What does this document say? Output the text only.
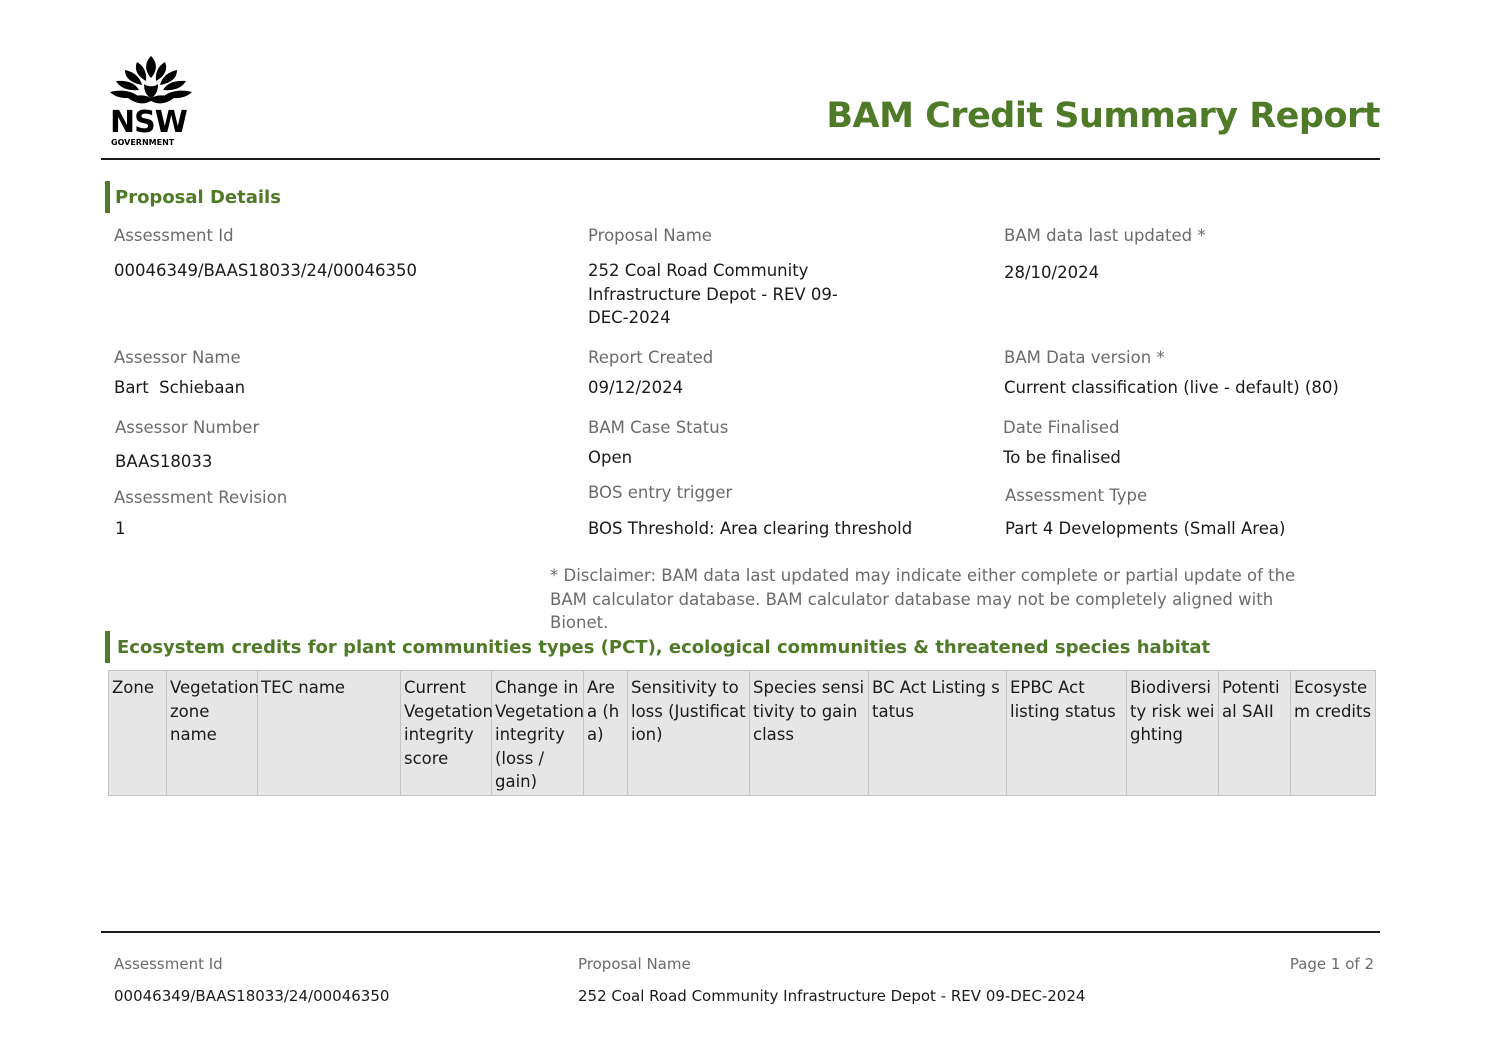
NSW
GOVERNMENT
BAM Credit Summary Report
Proposal Details
Assessment Id
00046349/BAAS18033/24/00046350
Assessor Name
Bart  Schiebaan
Assessor Number
BAAS18033
Assessment Revision
1
Proposal Name
252 Coal Road Community
Infrastructure Depot - REV 09-
DEC-2024
Report Created
09/12/2024
BAM Case Status
Open
BOS entry trigger
BOS Threshold: Area clearing threshold
BAM data last updated *
28/10/2024
BAM Data version *
Current classification (live - default) (80)
Date Finalised
To be finalised
Assessment Type
Part 4 Developments (Small Area)
* Disclaimer: BAM data last updated may indicate either complete or partial update of the BAM calculator database. BAM calculator database may not be completely aligned with Bionet.
Ecosystem credits for plant communities types (PCT), ecological communities & threatened species habitat
Zone	Vegetation zone name	TEC name	Current Vegetation integrity score	Change in Vegetation integrity (loss / gain)	Area (ha)	Sensitivity to loss (Justification)	Species sensitivity to gain class	BC Act Listing status	EPBC Act listing status	Biodiversity risk weighting	Potential SAII	Ecosystem credits
Assessment Id
00046349/BAAS18033/24/00046350
Proposal Name
252 Coal Road Community Infrastructure Depot - REV 09-DEC-2024
Page 1 of 2
